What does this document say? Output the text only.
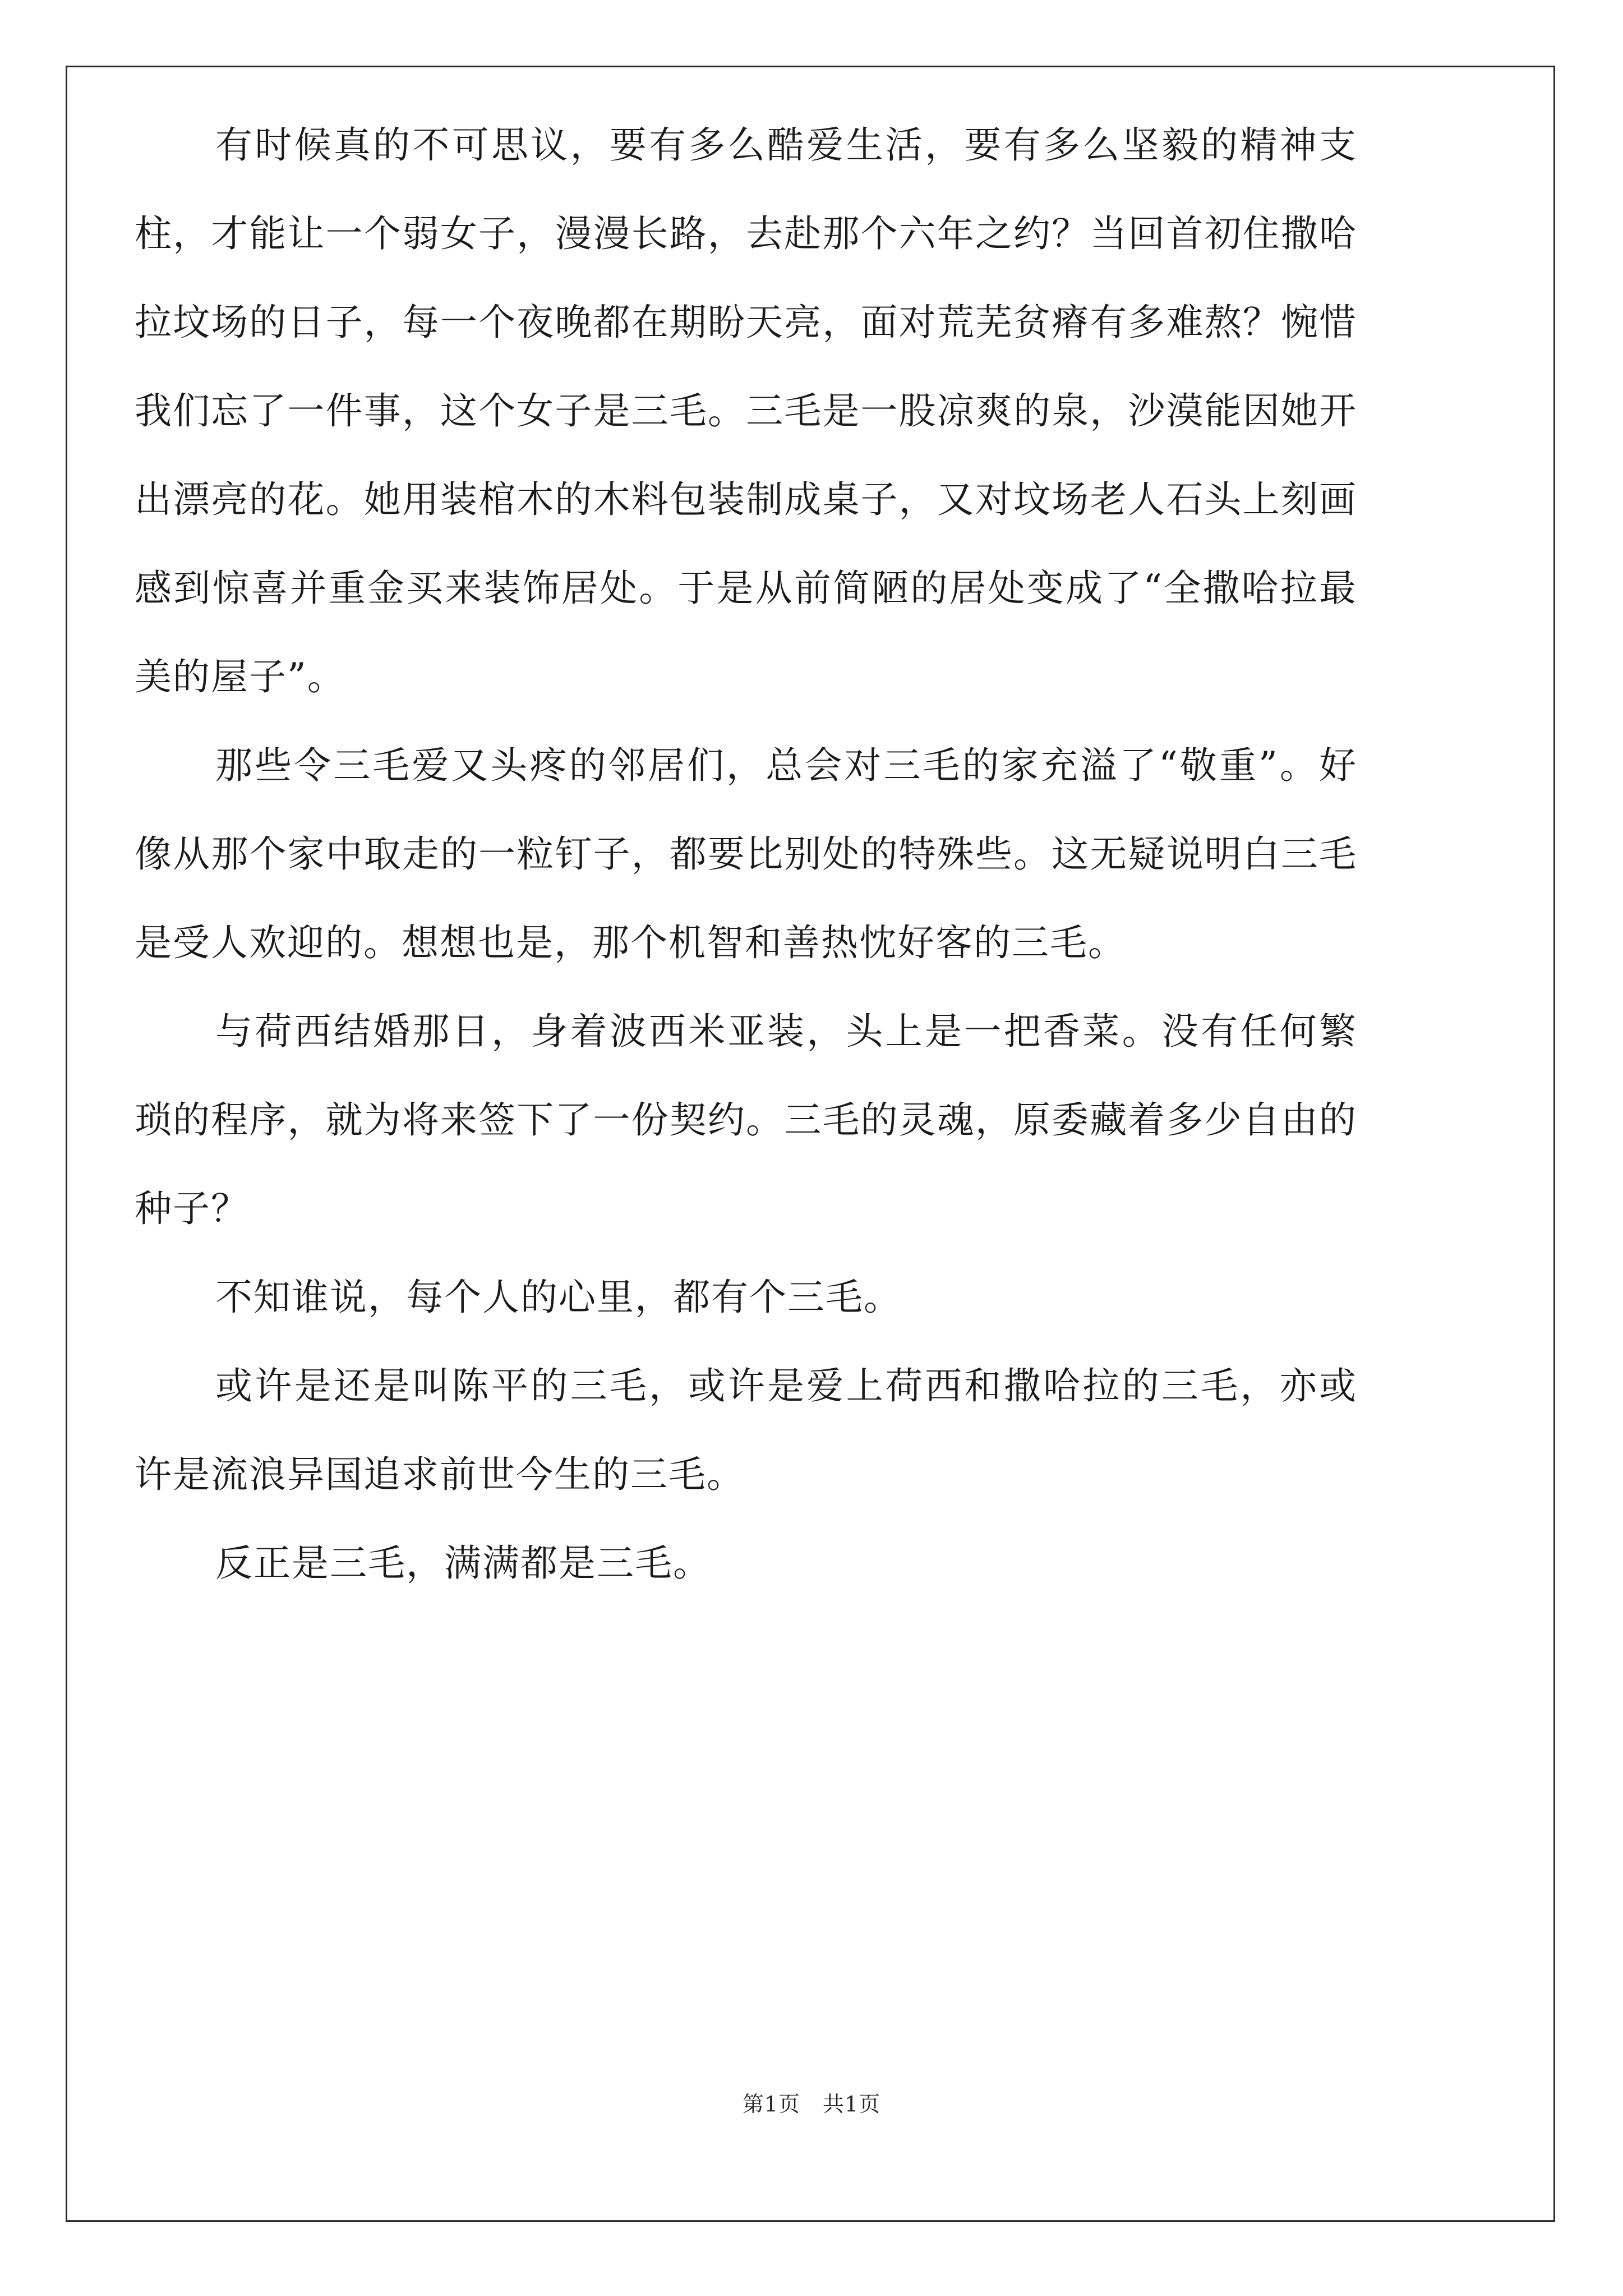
有时候真的不可思议，要有多么酷爱生活，要有多么坚毅的精神支柱，才能让一个弱女子，漫漫长路，去赴那个六年之约？当回首初住撒哈拉坟场的日子，每一个夜晚都在期盼天亮，面对荒芜贫瘠有多难熬？惋惜我们忘了一件事，这个女子是三毛。三毛是一股凉爽的泉，沙漠能因她开出漂亮的花。她用装棺木的木料包装制成桌子，又对坟场老人石头上刻画感到惊喜并重金买来装饰居处。于是从前简陋的居处变成了“全撒哈拉最美的屋子”。

那些令三毛爱又头疼的邻居们，总会对三毛的家充溢了“敬重”。好像从那个家中取走的一粒钉子，都要比别处的特殊些。这无疑说明白三毛是受人欢迎的。想想也是，那个机智和善热忱好客的三毛。

与荷西结婚那日，身着波西米亚装，头上是一把香菜。没有任何繁琐的程序，就为将来签下了一份契约。三毛的灵魂，原委藏着多少自由的种子？

不知谁说，每个人的心里，都有个三毛。

或许是还是叫陈平的三毛，或许是爱上荷西和撒哈拉的三毛，亦或许是流浪异国追求前世今生的三毛。

反正是三毛，满满都是三毛。

第1页 共1页
